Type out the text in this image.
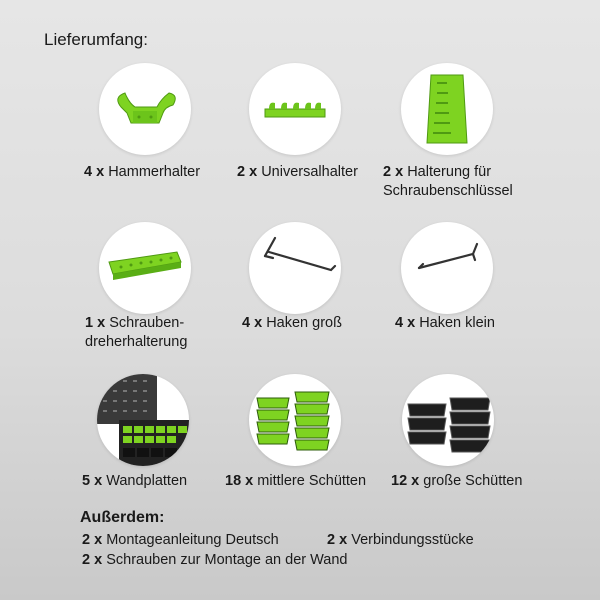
Lieferumfang:
4 x Hammerhalter	2 x Universalhalter 2 x Halterung für
Schraubenschlüssel
1 x Schrauben-
dreherhalterung
4 x Haken groß	4 x Haken klein
5 x Wandplatten	18 x mittlere Schütten 12 x große Schütten
Außerdem:
2 x Montageanleitung Deutsch	2 x Verbindungsstücke
2 x Schrauben zur Montage an der Wand
